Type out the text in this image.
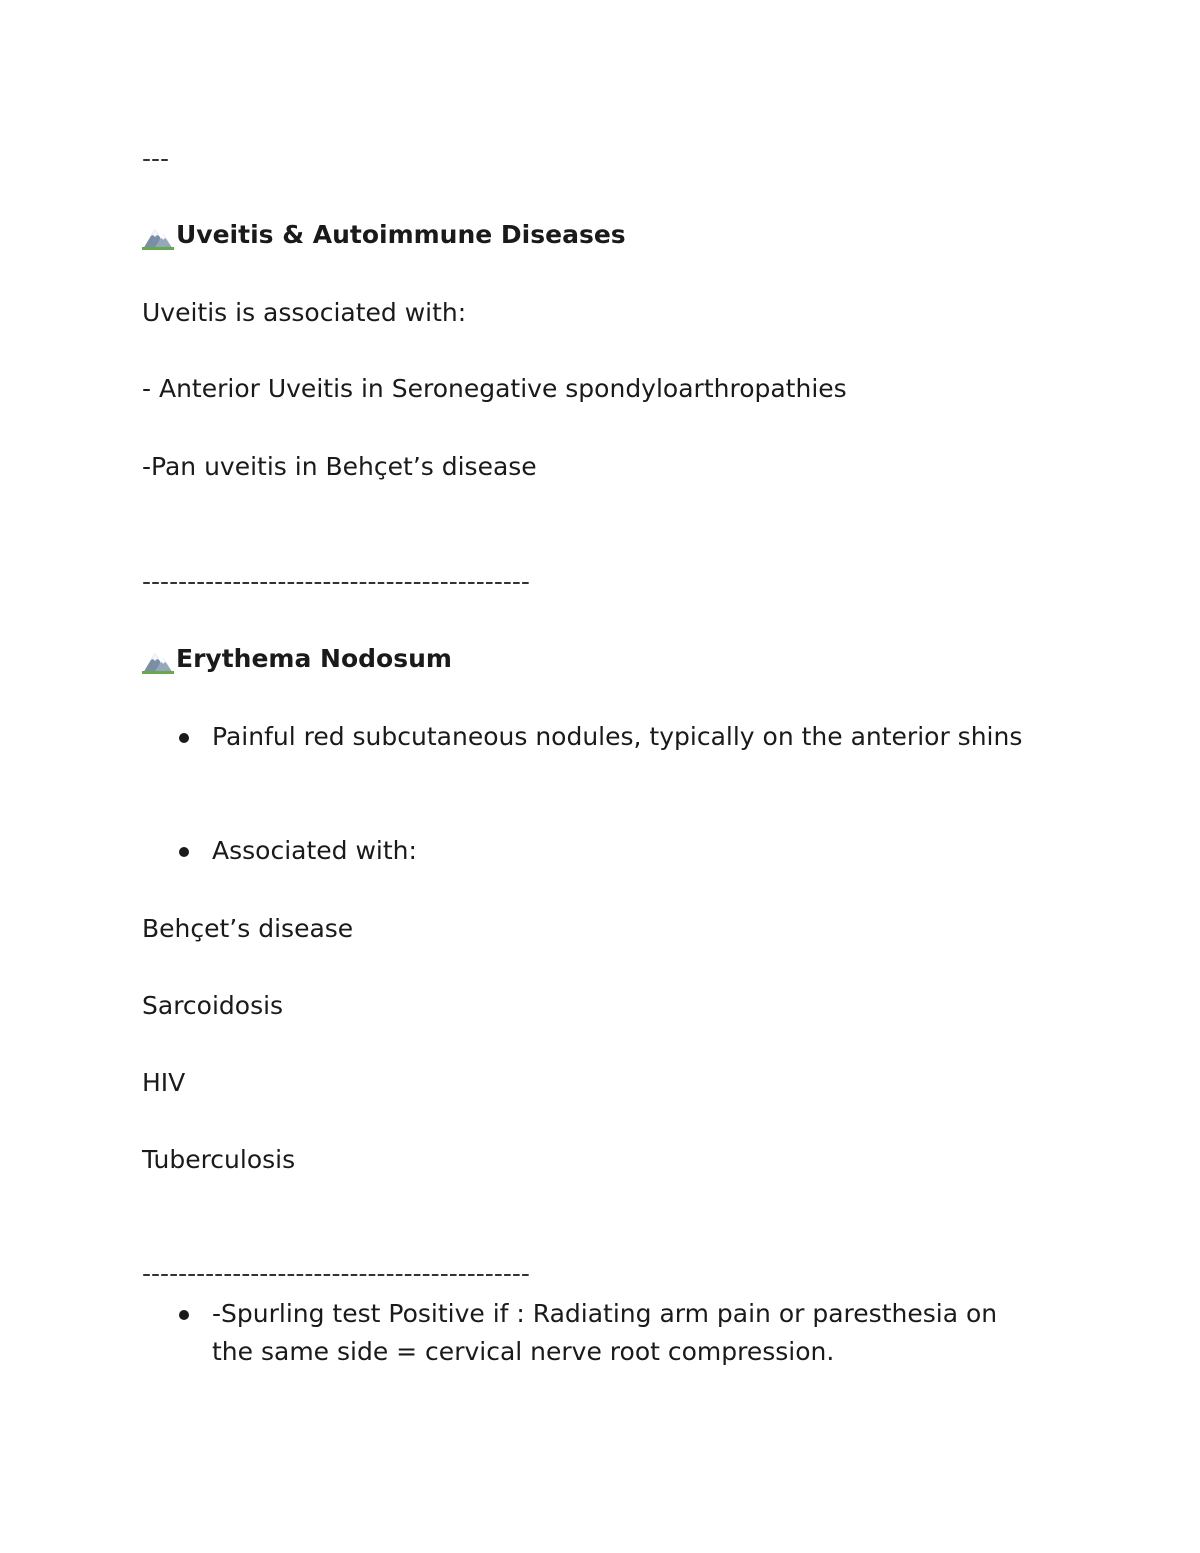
---
Uveitis & Autoimmune Diseases
Uveitis is associated with:
- Anterior Uveitis in Seronegative spondyloarthropathies
-Pan uveitis in Behçet’s disease
-------------------------------------------
Erythema Nodosum
Painful red subcutaneous nodules, typically on the anterior shins
Associated with:
Behçet’s disease
Sarcoidosis
HIV
Tuberculosis
-------------------------------------------
-Spurling test Positive if : Radiating arm pain or paresthesia on the same side = cervical nerve root compression.
